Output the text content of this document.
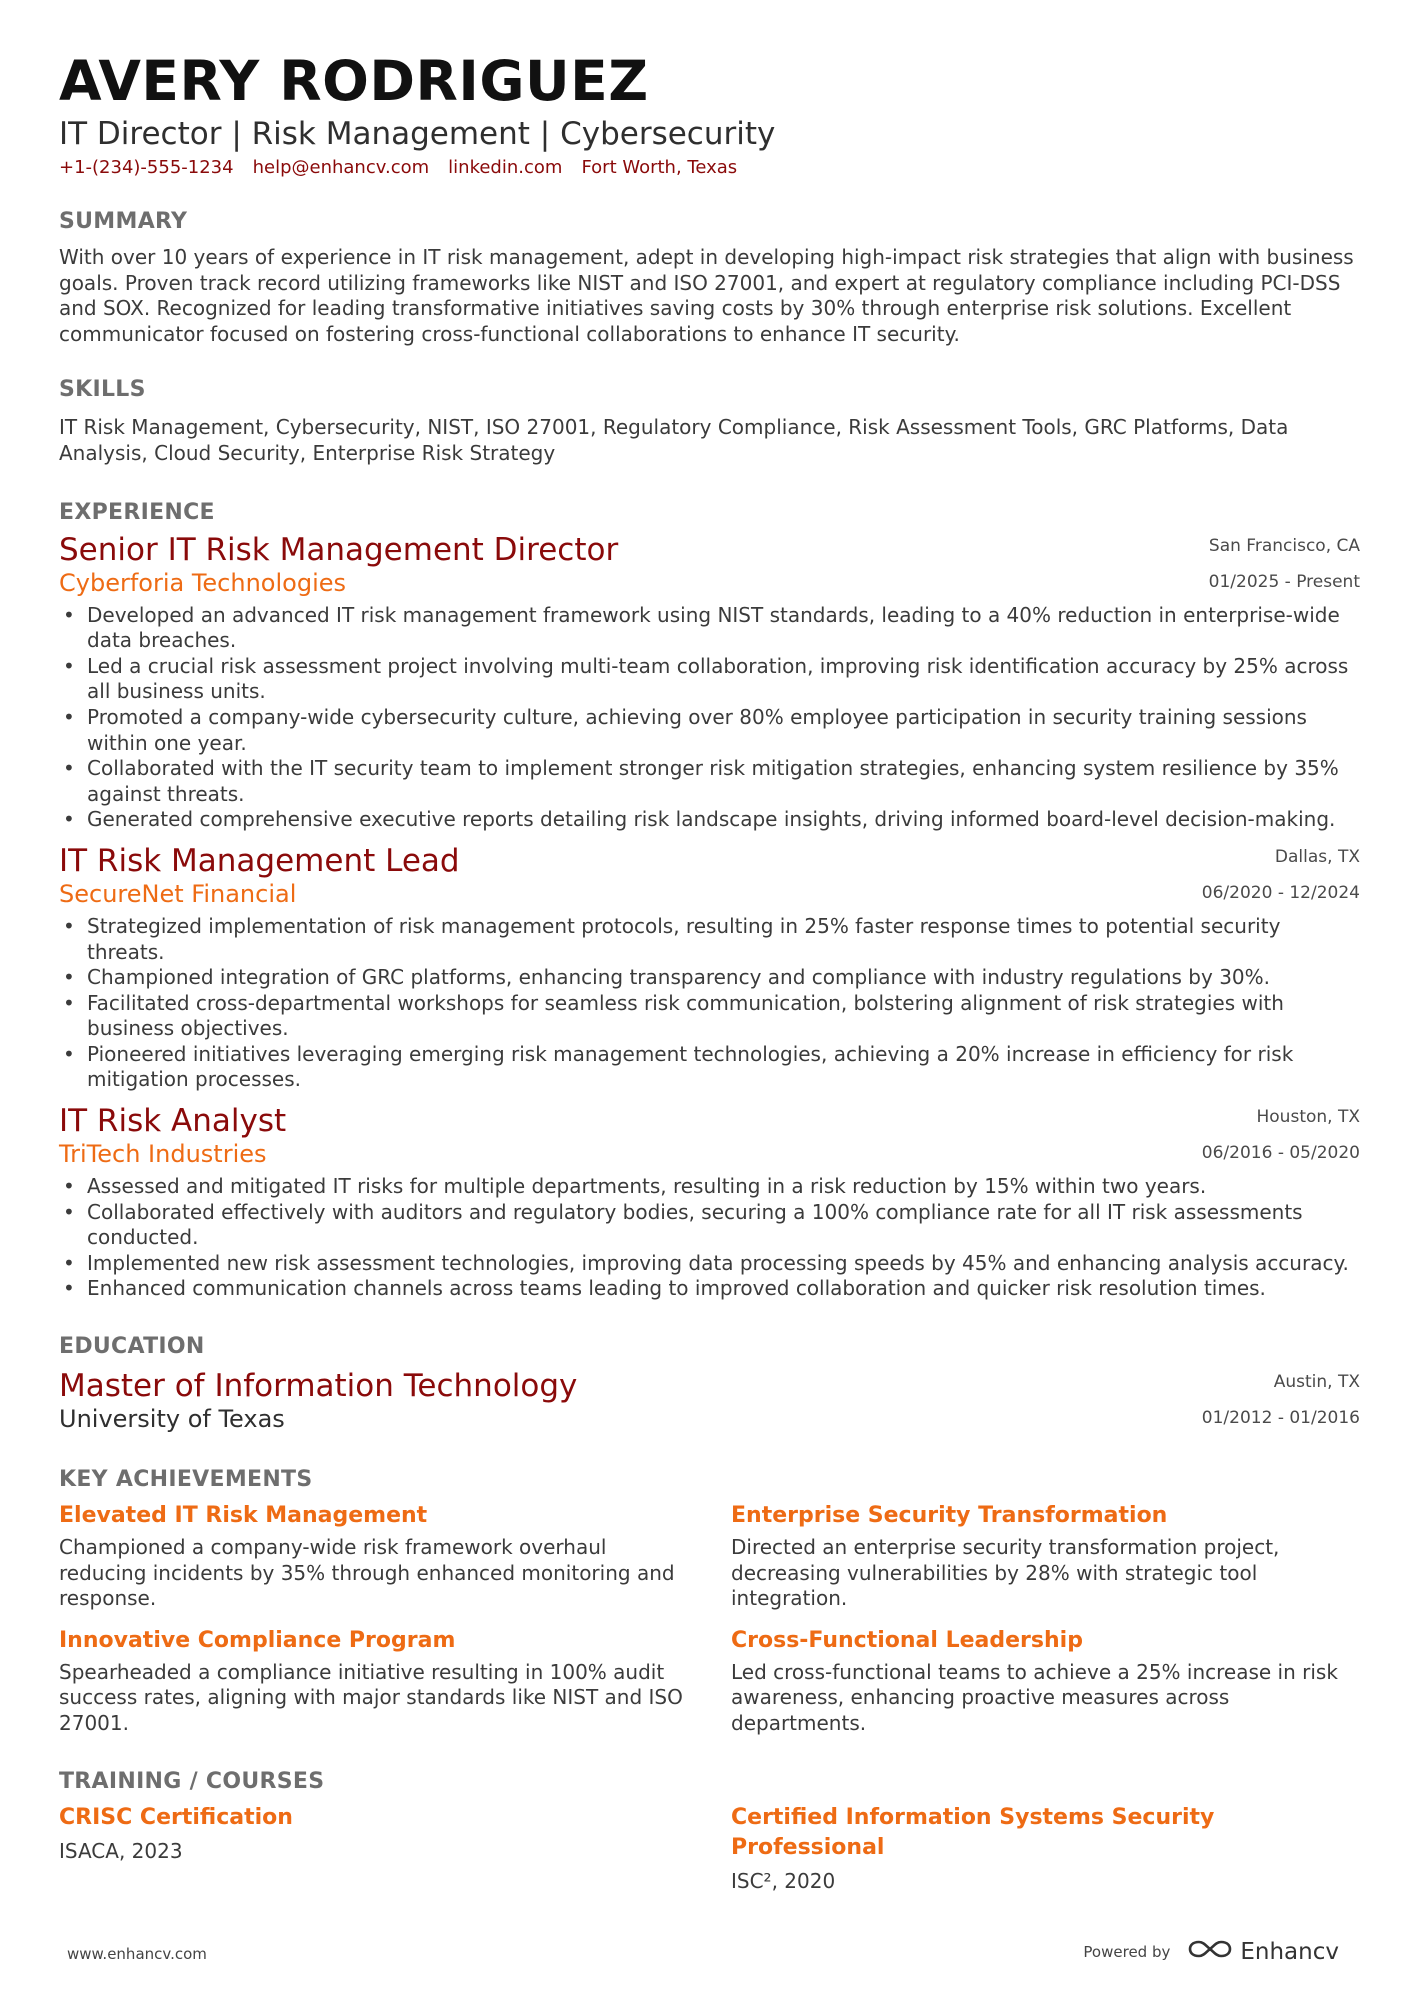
AVERY RODRIGUEZ
IT Director | Risk Management | Cybersecurity
+1-(234)-555-1234 help@enhancv.com linkedin.com Fort Worth, Texas
SUMMARY
With over 10 years of experience in IT risk management, adept in developing high-impact risk strategies that align with business goals. Proven track record utilizing frameworks like NIST and ISO 27001, and expert at regulatory compliance including PCI-DSS and SOX. Recognized for leading transformative initiatives saving costs by 30% through enterprise risk solutions. Excellent communicator focused on fostering cross-functional collaborations to enhance IT security.
SKILLS
IT Risk Management, Cybersecurity, NIST, ISO 27001, Regulatory Compliance, Risk Assessment Tools, GRC Platforms, Data Analysis, Cloud Security, Enterprise Risk Strategy
EXPERIENCE
Senior IT Risk Management Director
Cyberforia Technologies
San Francisco, CA
01/2025 - Present
• Developed an advanced IT risk management framework using NIST standards, leading to a 40% reduction in enterprise-wide data breaches.
• Led a crucial risk assessment project involving multi-team collaboration, improving risk identification accuracy by 25% across all business units.
• Promoted a company-wide cybersecurity culture, achieving over 80% employee participation in security training sessions within one year.
• Collaborated with the IT security team to implement stronger risk mitigation strategies, enhancing system resilience by 35% against threats.
• Generated comprehensive executive reports detailing risk landscape insights, driving informed board-level decision-making.
IT Risk Management Lead
SecureNet Financial
Dallas, TX
06/2020 - 12/2024
• Strategized implementation of risk management protocols, resulting in 25% faster response times to potential security threats.
• Championed integration of GRC platforms, enhancing transparency and compliance with industry regulations by 30%.
• Facilitated cross-departmental workshops for seamless risk communication, bolstering alignment of risk strategies with business objectives.
• Pioneered initiatives leveraging emerging risk management technologies, achieving a 20% increase in efficiency for risk mitigation processes.
IT Risk Analyst
TriTech Industries
Houston, TX
06/2016 - 05/2020
• Assessed and mitigated IT risks for multiple departments, resulting in a risk reduction by 15% within two years.
• Collaborated effectively with auditors and regulatory bodies, securing a 100% compliance rate for all IT risk assessments conducted.
• Implemented new risk assessment technologies, improving data processing speeds by 45% and enhancing analysis accuracy.
• Enhanced communication channels across teams leading to improved collaboration and quicker risk resolution times.
EDUCATION
Master of Information Technology
University of Texas
Austin, TX
01/2012 - 01/2016
KEY ACHIEVEMENTS
Elevated IT Risk Management
Championed a company-wide risk framework overhaul reducing incidents by 35% through enhanced monitoring and response.
Enterprise Security Transformation
Directed an enterprise security transformation project, decreasing vulnerabilities by 28% with strategic tool integration.
Innovative Compliance Program
Spearheaded a compliance initiative resulting in 100% audit success rates, aligning with major standards like NIST and ISO 27001.
Cross-Functional Leadership
Led cross-functional teams to achieve a 25% increase in risk awareness, enhancing proactive measures across departments.
TRAINING / COURSES
CRISC Certification
ISACA, 2023
Certified Information Systems Security Professional
ISC², 2020
www.enhancv.com	Powered by	Enhancv
